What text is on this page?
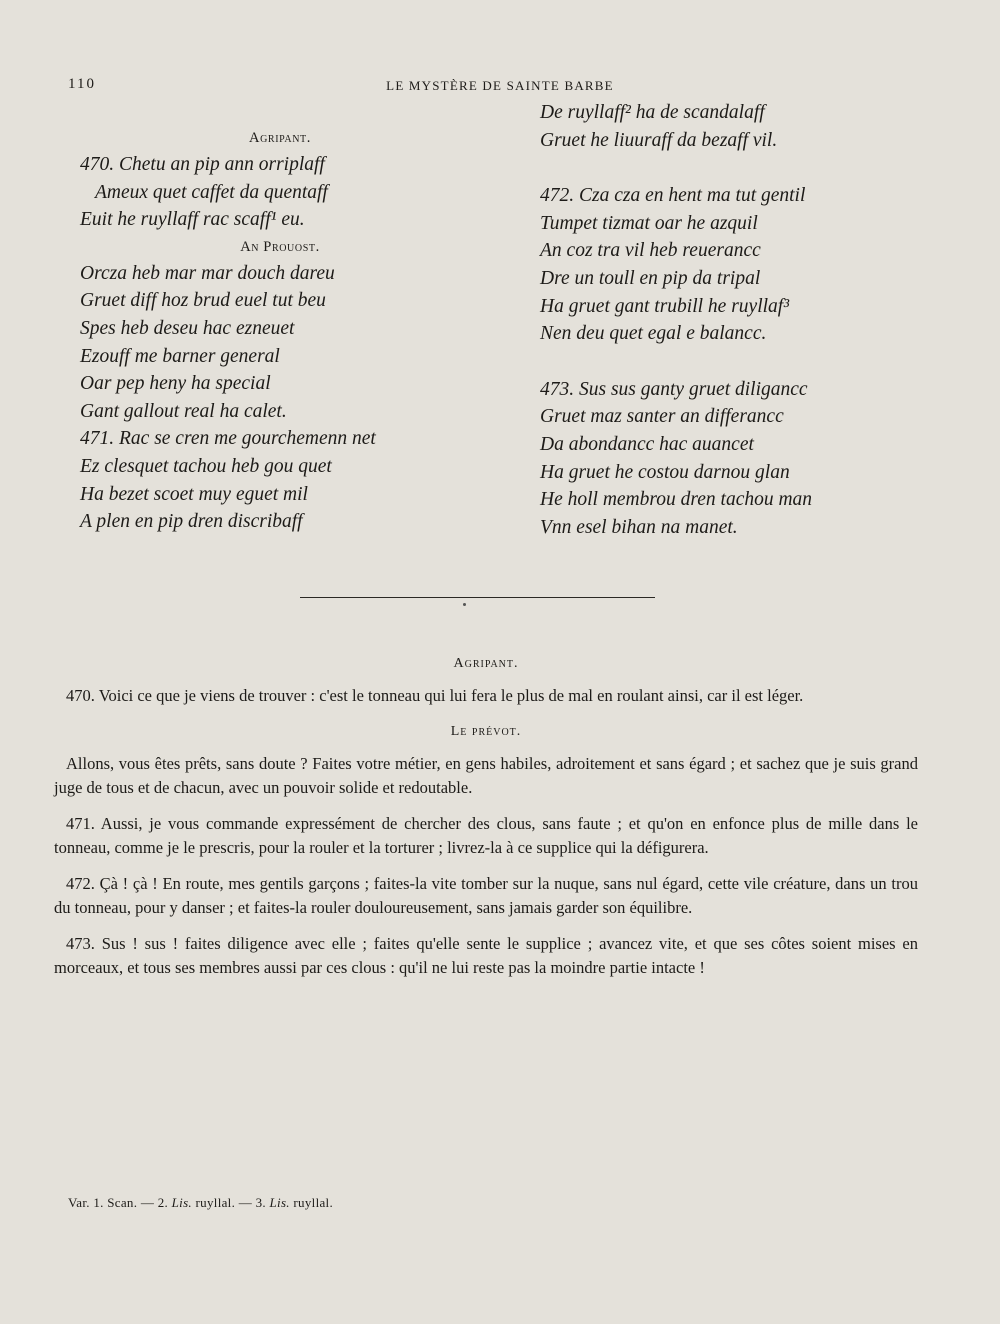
110	LE MYSTÈRE DE SAINTE BARBE
Agripant.
470. Chetu an pip ann orriplaff
Ameux quet caffet da quentaff
Euit he ruyllaff rac scaff¹ eu.
An Prouost.
Orcza heb mar mar douch dareu
Gruet diff hoz brud euel tut beu
Spes heb deseu hac ezneuet
Ezouff me barner general
Oar pep heny ha special
Gant gallout real ha calet.
471. Rac se cren me gourchemenn net
Ez clesquet tachou heb gou quet
Ha bezet scoet muy eguet mil
A plen en pip dren discribaff
De ruyllaff² ha de scandalaff
Gruet he liuuraff da bezaff vil.
472. Cza cza en hent ma tut gentil
Tumpet tizmat oar he azquil
An coz tra vil heb reuerancc
Dre un toull en pip da tripal
Ha gruet gant trubill he ruyllaf³
Nen deu quet egal e balancc.
473. Sus sus ganty gruet diligancc
Gruet maz santer an differancc
Da abondancc hac auancet
Ha gruet he costou darnou glan
He holl membrou dren tachou man
Vnn esel bihan na manet.
Agripant.

470. Voici ce que je viens de trouver : c'est le tonneau qui lui fera le plus de mal en roulant ainsi, car il est léger.

Le prévot.

Allons, vous êtes prêts, sans doute ? Faites votre métier, en gens habiles, adroitement et sans égard ; et sachez que je suis grand juge de tous et de chacun, avec un pouvoir solide et redoutable.

471. Aussi, je vous commande expressément de chercher des clous, sans faute ; et qu'on en enfonce plus de mille dans le tonneau, comme je le prescris, pour la rouler et la torturer ; livrez-la à ce supplice qui la défigurera.

472. Çà ! çà ! En route, mes gentils garçons ; faites-la vite tomber sur la nuque, sans nul égard, cette vile créature, dans un trou du tonneau, pour y danser ; et faites-la rouler douloureusement, sans jamais garder son équilibre.

473. Sus ! sus ! faites diligence avec elle ; faites qu'elle sente le supplice ; avancez vite, et que ses côtes soient mises en morceaux, et tous ses membres aussi par ces clous : qu'il ne lui reste pas la moindre partie intacte !

Var. 1. Scan. — 2. Lis. ruyllal. — 3. Lis. ruyllal.
